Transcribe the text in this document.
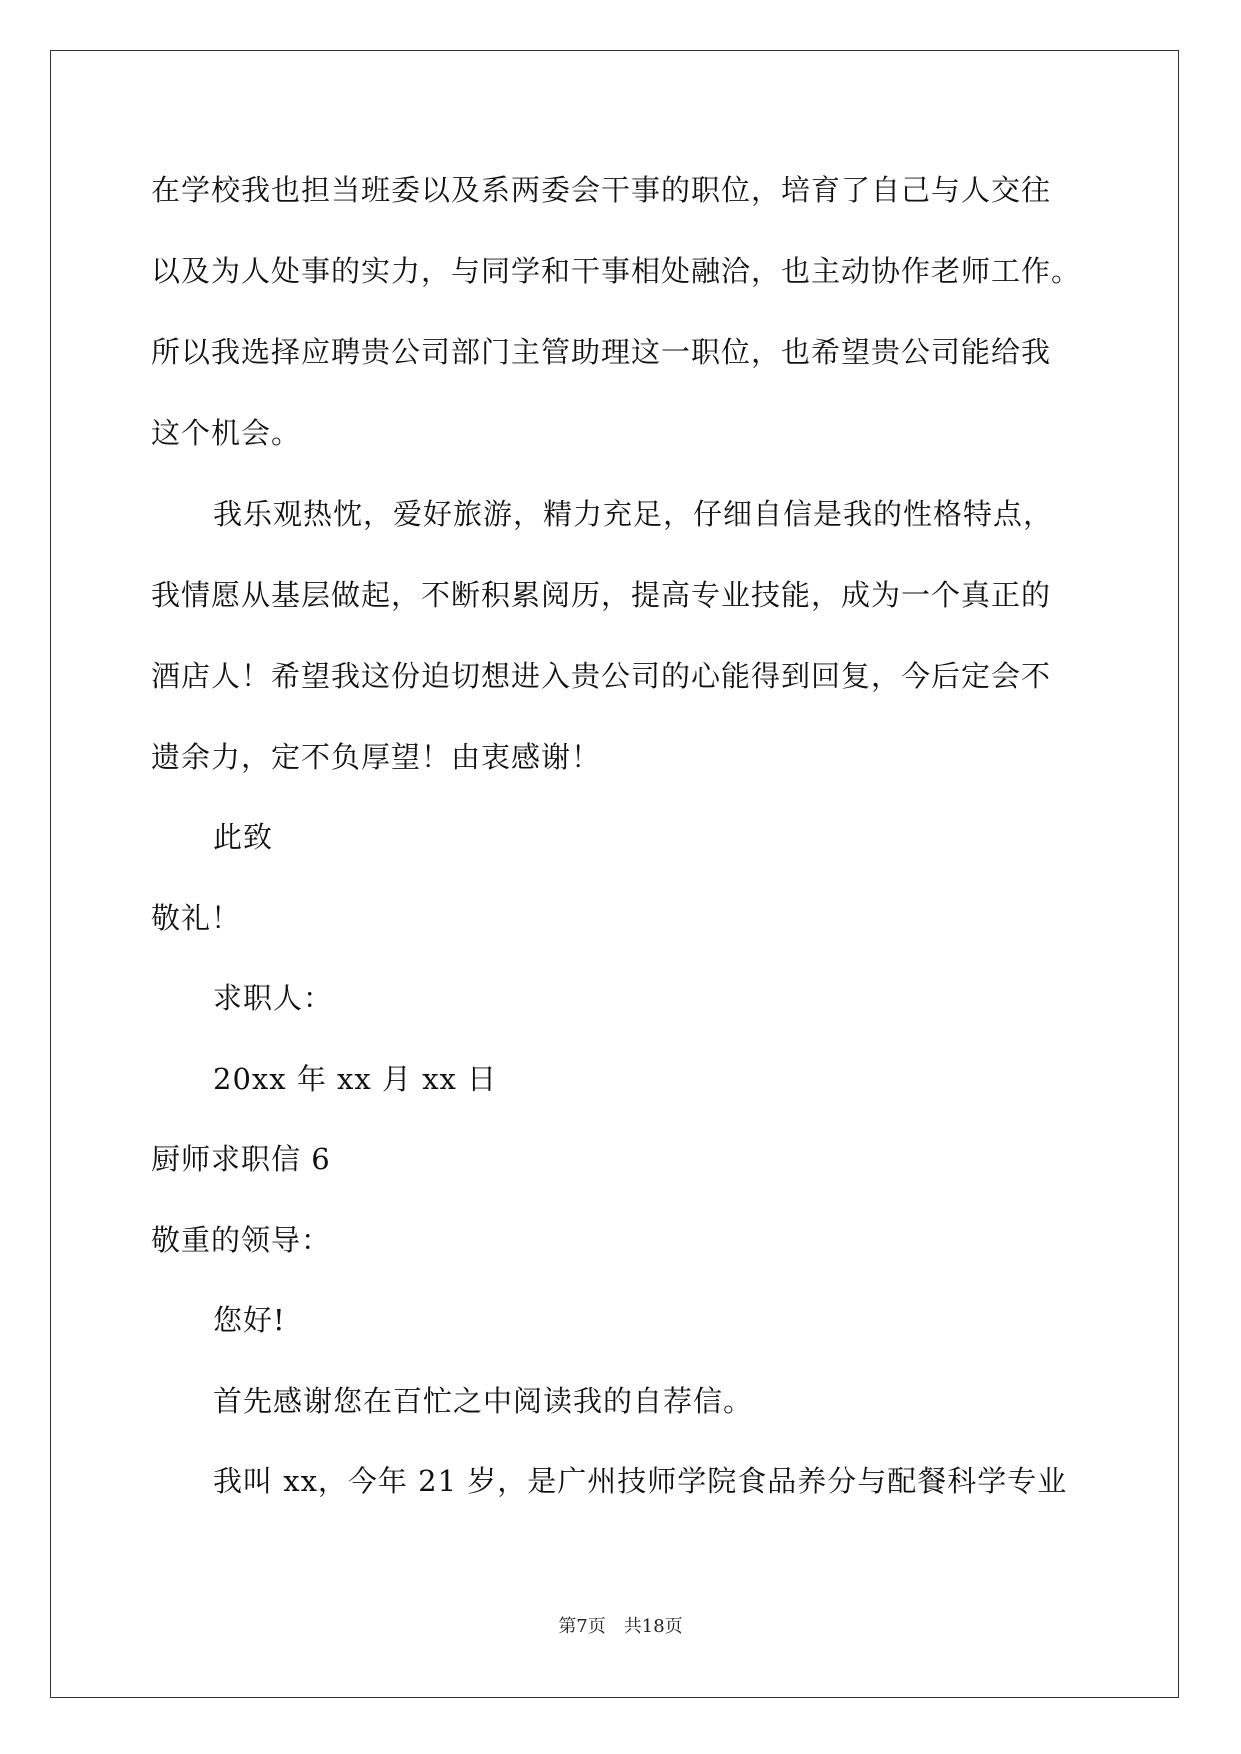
在学校我也担当班委以及系两委会干事的职位，培育了自己与人交往
以及为人处事的实力，与同学和干事相处融洽，也主动协作老师工作。
所以我选择应聘贵公司部门主管助理这一职位，也希望贵公司能给我
这个机会。
我乐观热忱，爱好旅游，精力充足，仔细自信是我的性格特点，
我情愿从基层做起，不断积累阅历，提高专业技能，成为一个真正的
酒店人！希望我这份迫切想进入贵公司的心能得到回复，今后定会不
遗余力，定不负厚望！由衷感谢！
此致
敬礼！
求职人：
20xx 年 xx 月 xx 日
厨师求职信 6
敬重的领导：
您好!
首先感谢您在百忙之中阅读我的自荐信。
我叫 xx，今年 21 岁，是广州技师学院食品养分与配餐科学专业
第7页　共18页
